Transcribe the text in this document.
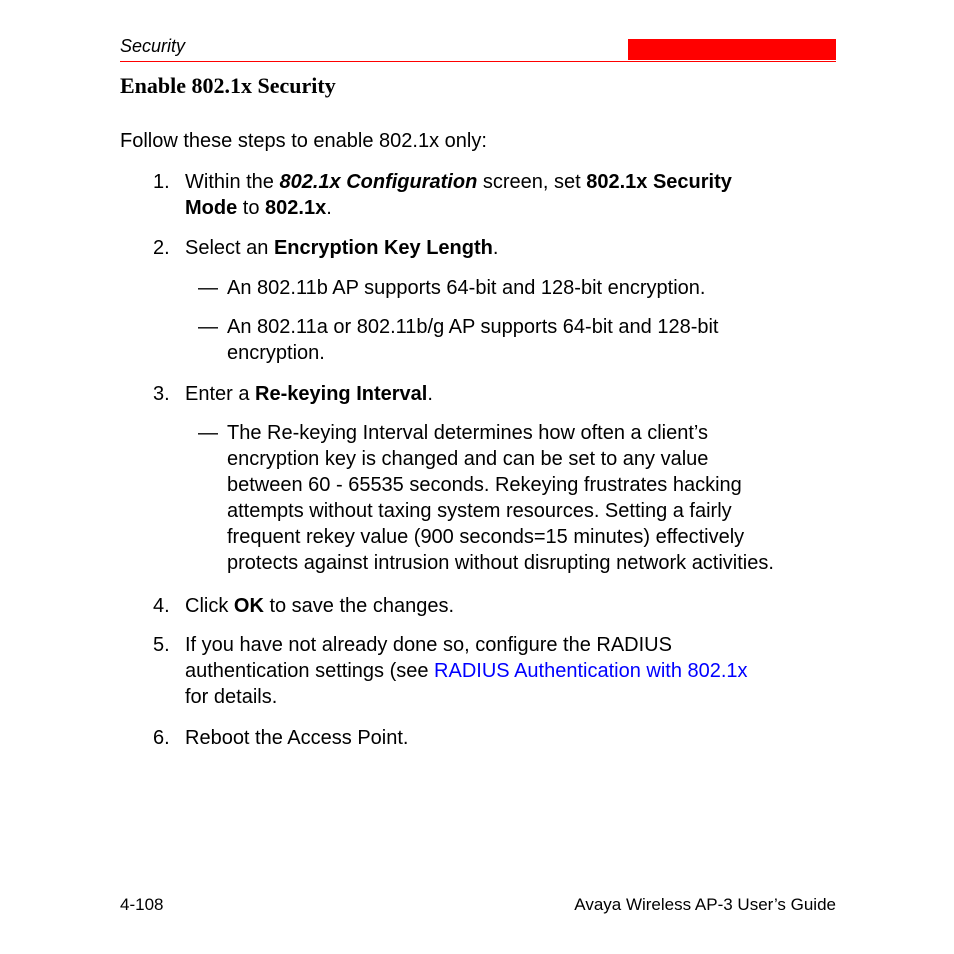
Security
Enable 802.1x Security
Follow these steps to enable 802.1x only:
1. Within the 802.1x Configuration screen, set 802.1x Security
Mode to 802.1x.
2. Select an Encryption Key Length.
— An 802.11b AP supports 64-bit and 128-bit encryption.
— An 802.11a or 802.11b/g AP supports 64-bit and 128-bit
encryption.
3. Enter a Re-keying Interval.
— The Re-keying Interval determines how often a client’s
encryption key is changed and can be set to any value
between 60 - 65535 seconds. Rekeying frustrates hacking
attempts without taxing system resources. Setting a fairly
frequent rekey value (900 seconds=15 minutes) effectively
protects against intrusion without disrupting network activities.
4. Click OK to save the changes.
5. If you have not already done so, configure the RADIUS
authentication settings (see RADIUS Authentication with 802.1x
for details.
6. Reboot the Access Point.
4-108	Avaya Wireless AP-3 User’s Guide
